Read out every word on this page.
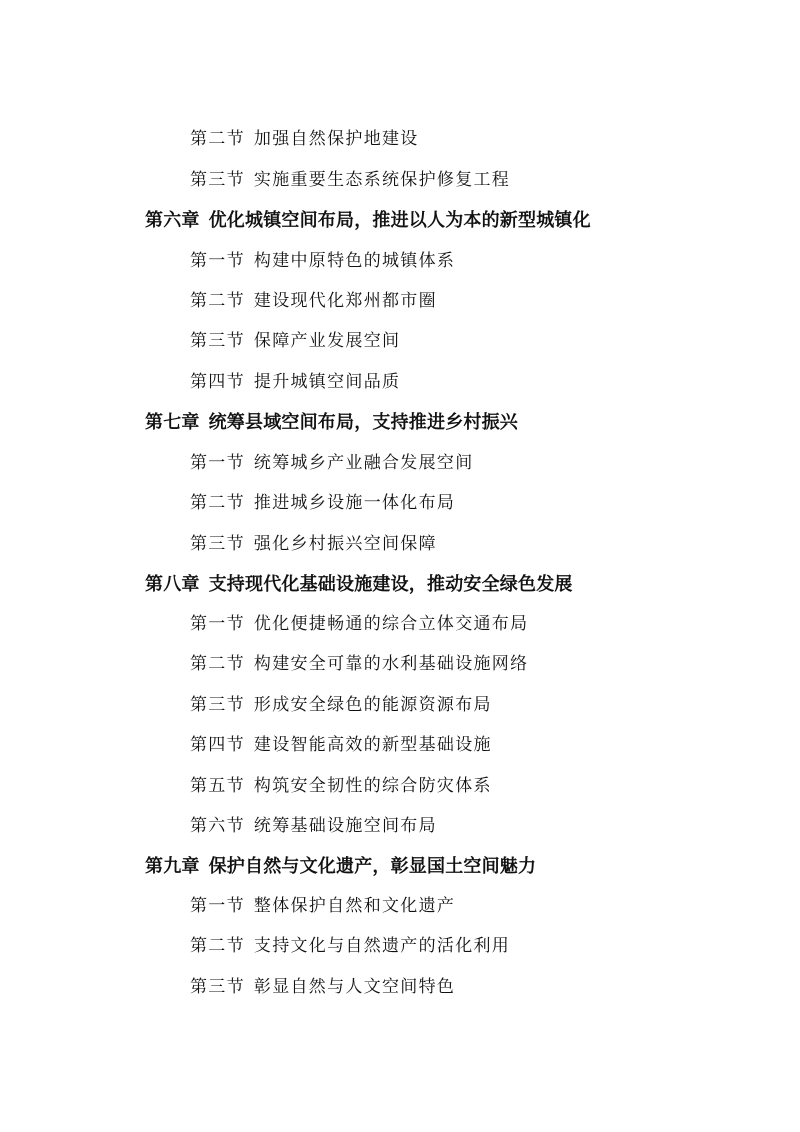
第二节 加强自然保护地建设
第三节 实施重要生态系统保护修复工程
第六章 优化城镇空间布局，推进以人为本的新型城镇化
第一节 构建中原特色的城镇体系
第二节 建设现代化郑州都市圈
第三节 保障产业发展空间
第四节 提升城镇空间品质
第七章 统筹县域空间布局，支持推进乡村振兴
第一节 统筹城乡产业融合发展空间
第二节 推进城乡设施一体化布局
第三节 强化乡村振兴空间保障
第八章 支持现代化基础设施建设，推动安全绿色发展
第一节 优化便捷畅通的综合立体交通布局
第二节 构建安全可靠的水利基础设施网络
第三节 形成安全绿色的能源资源布局
第四节 建设智能高效的新型基础设施
第五节 构筑安全韧性的综合防灾体系
第六节 统筹基础设施空间布局
第九章 保护自然与文化遗产，彰显国土空间魅力
第一节 整体保护自然和文化遗产
第二节 支持文化与自然遗产的活化利用
第三节 彰显自然与人文空间特色
